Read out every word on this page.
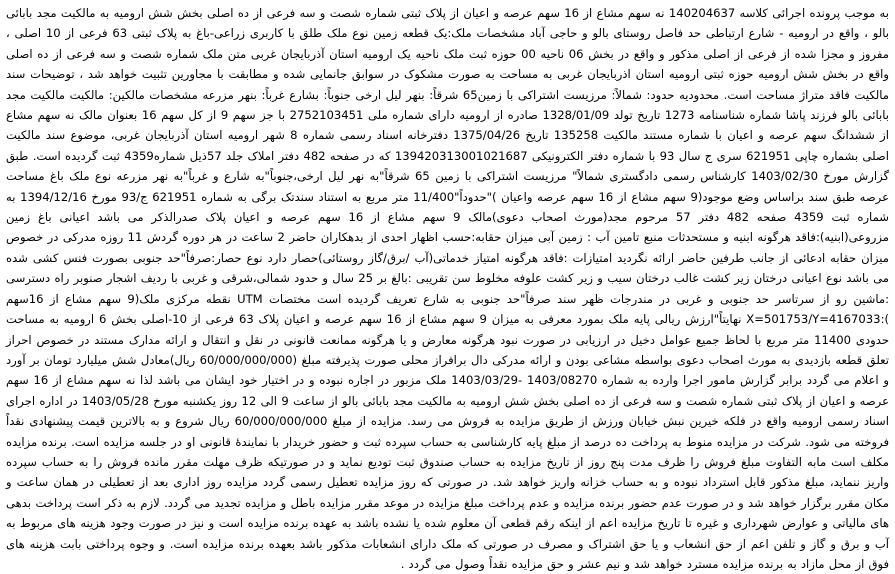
به موجب پرونده اجرائی کلاسه 140204637 نه سهم مشاع از 16 سهم عرصه و اعیان از پلاک ثبتی شماره شصت و سه فرعی از ده اصلی بخش شش ارومیه به مالکیت مجد بابائی بالو ، واقع در ارومیه - شارع ارتباطی حد فاصل روستای بالو و حاجی آباد مشخصات ملک:یک قطعه زمین نوع ملک طلق با کاربری زراعی-باغ به پلاک ثبتی 63 فرعی از 10 اصلی ، مفروز و مجزا شده از فرعی از اصلی مذکور و واقع در بخش 06 ناحیه 00 حوزه ثبت ملک ناحیه یک ارومیه استان آذربایجان غربی متن ملک شماره شصت و سه فرعی از ده اصلی واقع در بخش شش ارومیه حوزه ثبتی ارومیه استان اذربایجان غربی به مساحت به صورت مشکوک در سوابق جانمایی شده و مطابقت با مجاورین تثبیت خواهد شد ، توضیحات سند مالکیت فاقد متراژ مساحت است. محدودیه حدود: شمالاً: مرزیست اشتراکی با زمین65 شرقاً: بنهر لیل ارخی جنوباً: بشارع غرباً: بنهر مزرعه مشخصات مالکین: مالکیت مالکیت مجد بابائی بالو فرزند پاشا شماره شناسنامه 1273 تاریخ تولد 1328/01/09 صادره از ارومیه دارای شماره ملی 2752103451 با جز سهم 9 از کل سهم 16 بعنوان مالک نه سهم مشاع از ششدانگ سهم عرصه و اعیان با شماره مستند مالکیت 135258 تاریخ 1375/04/26 دفترخانه اسناد رسمی شماره 8 شهر ارومیه استان آذربایجان غربی، موضوع سند مالکیت اصلی بشماره چاپی 621951 سری ج سال 93 با شماره دفتر الکترونیکی 139420313001021687 که در صفحه 482 دفتر املاک جلد 57ذیل شماره4359 ثبت گردیده است. طبق گزارش مورخ 1403/02/30 کارشناس رسمی دادگستری شمالاً" مرزیست اشتراکی با زمین 65 شرقاً"به نهر لیل ارخی،جنوباً"به شارع و غرباً"به نهر مزرعه نوع ملک باغ مساحت عرصه طبق سند براساس وضع موجود(9 سهم مشاع از 16 سهم عرصه واعیان )"حدوداً"11/400 متر مربع به استناد سندتک برگی به شماره 621951 ج/93 مورخ 1394/12/16 به شماره ثبت 4359 صفحه 482 دفتر 57 مرحوم مجد(مورث اصحاب دعوی)مالک 9 سهم مشاع از 16 سهم عرصه و اعیان پلاک صدرالذکر می باشد اعیانی باغ زمین مزروعی(ابنیه):فاقد هرگونه ابنیه و مستحدثات منبع تامین آب : زمین آبی میزان حقابه:حسب اظهار احدی از بدهکاران حاضر 2 ساعت در هر دوره گردش 11 روزه مدرکی در خصوص میزان حقابه ادعائی از جانب طرفین حاضر ارائه نگردید امتیازات :فاقد هرگونه امتیاز خدماتی(آب /برق/گاز روستائی)حصار دارد نوع حصار:صرفاً"حد جنوبی بصورت فنس کشی شده می باشد نوع اعیانی درختان زیر کشت غالب درختان سیب و زیر کشت علوفه مخلوط سن تقریبی :بالغ بر 25 سال و حدود شمالی،شرقی و غربی با ردیف اشجار صنوبر راه دسترسی :ماشین رو از سرتاسر حد جنوبی و غربی در مندرجات ظهر سند صرفاً"حد جنوبی به شارع تعریف گردیده است مختصات UTM نقطه مرکزی ملک(9 سهم مشاع از 16سهم ):X=501753/Y=4167033 نهایتاً"ارزش ریالی پایه ملک بمورد معرفی به میزان 9 سهم مشاع از 16 سهم عرصه و اعیان پلاک 63 فرعی از 10-اصلی بخش 6 ارومیه به مساحت حدودی 11400 متر مربع با لحاظ جمیع عوامل دخیل در ارزیابی در صورت نبود هرگونه معارض و یا هرگونه ممانعت قانونی در نقل و انتقال و ارائه مدارک مستند در خصوص احراز تعلق قطعه بازدیدی به مورث اصحاب دعوی بواسطه مشاعی بودن و ارائه مدرکی دال برافراز محلی صورت پذیرفته مبلغ (60/000/000/000 ریال)معادل شش میلیارد تومان بر آورد و اعلام می گردد برابر گزارش مامور اجرا وارده به شماره 1403/08270 -1403/03/29 ملک مزبور در اجاره نبوده و در اختیار خود ایشان می باشد لذا نه سهم مشاع از 16 سهم عرصه و اعیان از پلاک ثبتی شماره شصت و سه فرعی از ده اصلی بخش شش ارومیه به مالکیت مجد بابائی بالو از ساعت 9 الی 12 روز یکشنبه مورخ 1403/05/28 در اداره اجرای اسناد رسمی ارومیه واقع در فلکه خیرین نبش خیابان ورزش از طریق مزایده به فروش می رسد. مزایده از مبلغ 60/000/000/000 ریال شروع و به بالاترین قیمت پیشنهادی نقداً فروخته می شود. شرکت در مزایده منوط به پرداخت ده درصد از مبلغ پایه کارشناسی به حساب سپرده ثبت و حضور خریدار با نمایندۀ قانونی او در جلسه مزایده است. برنده مزایده مکلف است مابه التفاوت مبلغ فروش را ظرف مدت پنج روز از تاریخ مزایده به حساب صندوق ثبت تودیع نماید و در صورتیکه ظرف مهلت مقرر مانده فروش را به حساب سپرده واریز ننماید، مبلغ مذکور قابل استرداد نبوده و به حساب خزانه واریز خواهد شد. در صورتی که روز مزایده تعطیل رسمی گردد مزایده روز اداری بعد از تعطیلی در همان ساعت و مکان مقرر برگزار خواهد شد و در صورت عدم حضور برنده مزایده و عدم پرداخت مبلغ مزایده در موعد مقرر مزایده باطل و مزایده تجدید می گردد. لازم به ذکر است پرداخت بدهی های مالیاتی و عوارض شهرداری و غیره تا تاریخ مزایده اعم از اینکه رقم قطعی آن معلوم شده یا نشده باشد به عهده برنده مزایده است و نیز در صورت وجود هزینه های مربوط به آب و برق و گاز و تلفن اعم از حق انشعاب و یا حق اشتراک و مصرف در صورتی که ملک دارای انشعابات مذکور باشد بعهده برنده مزایده است. و وجوه پرداختی بابت هزینه های فوق از محل مازاد به برنده مزایده مسترد خواهد شد و نیم عشر و حق مزایده نقداً وصول می گردد .
